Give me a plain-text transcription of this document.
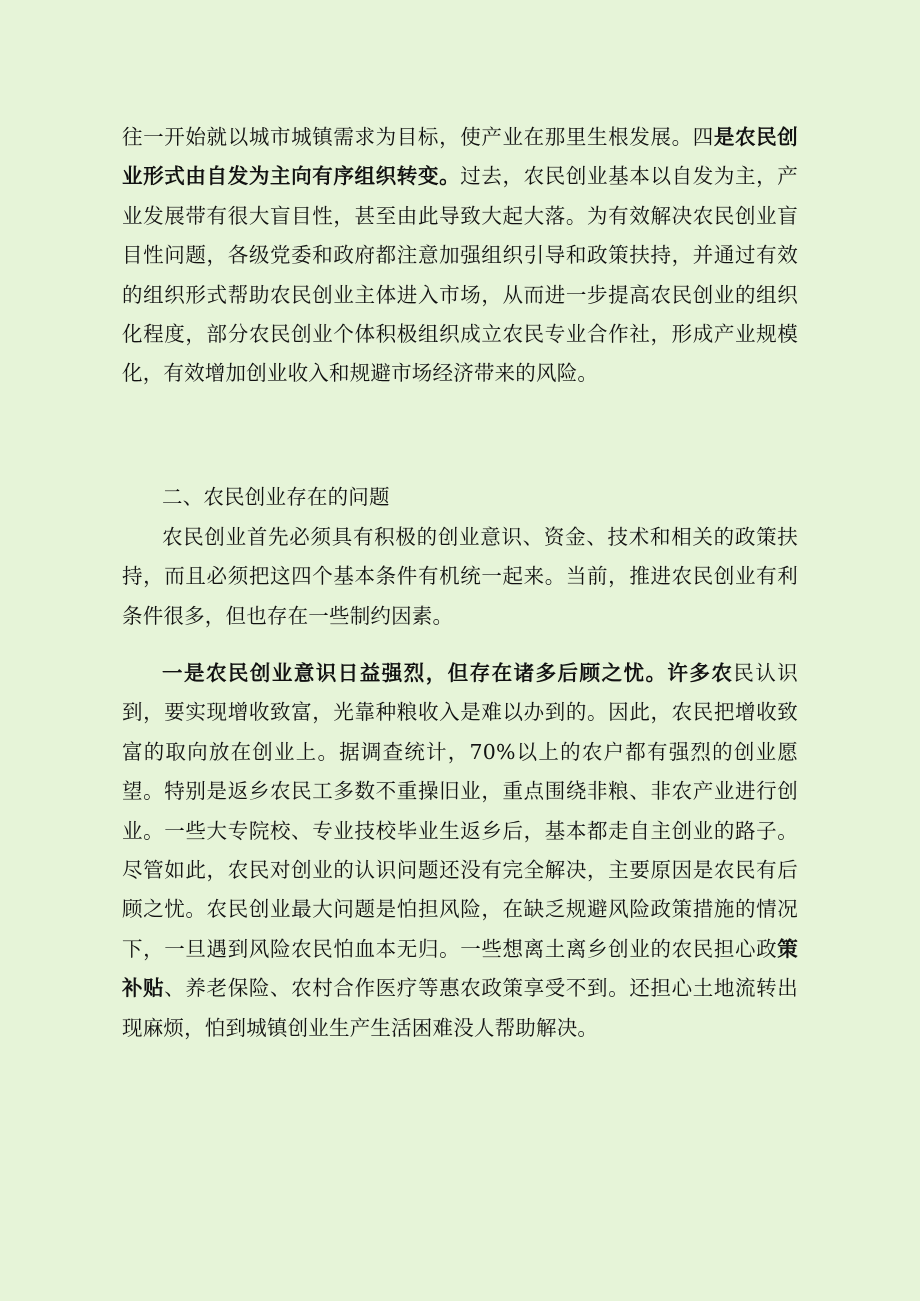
往一开始就以城市城镇需求为目标，使产业在那里生根发展。四是农民创业形式由自发为主向有序组织转变。过去，农民创业基本以自发为主，产业发展带有很大盲目性，甚至由此导致大起大落。为有效解决农民创业盲目性问题，各级党委和政府都注意加强组织引导和政策扶持，并通过有效的组织形式帮助农民创业主体进入市场，从而进一步提高农民创业的组织化程度，部分农民创业个体积极组织成立农民专业合作社，形成产业规模化，有效增加创业收入和规避市场经济带来的风险。

二、农民创业存在的问题

农民创业首先必须具有积极的创业意识、资金、技术和相关的政策扶持，而且必须把这四个基本条件有机统一起来。当前，推进农民创业有利条件很多，但也存在一些制约因素。

一是农民创业意识日益强烈，但存在诸多后顾之忧。许多农民认识到，要实现增收致富，光靠种粮收入是难以办到的。因此，农民把增收致富的取向放在创业上。据调查统计，70%以上的农户都有强烈的创业愿望。特别是返乡农民工多数不重操旧业，重点围绕非粮、非农产业进行创业。一些大专院校、专业技校毕业生返乡后，基本都走自主创业的路子。尽管如此，农民对创业的认识问题还没有完全解决，主要原因是农民有后顾之忧。农民创业最大问题是怕担风险，在缺乏规避风险政策措施的情况下，一旦遇到风险农民怕血本无归。一些想离土离乡创业的农民担心政策补贴、养老保险、农村合作医疗等惠农政策享受不到。还担心土地流转出现麻烦，怕到城镇创业生产生活困难没人帮助解决。
